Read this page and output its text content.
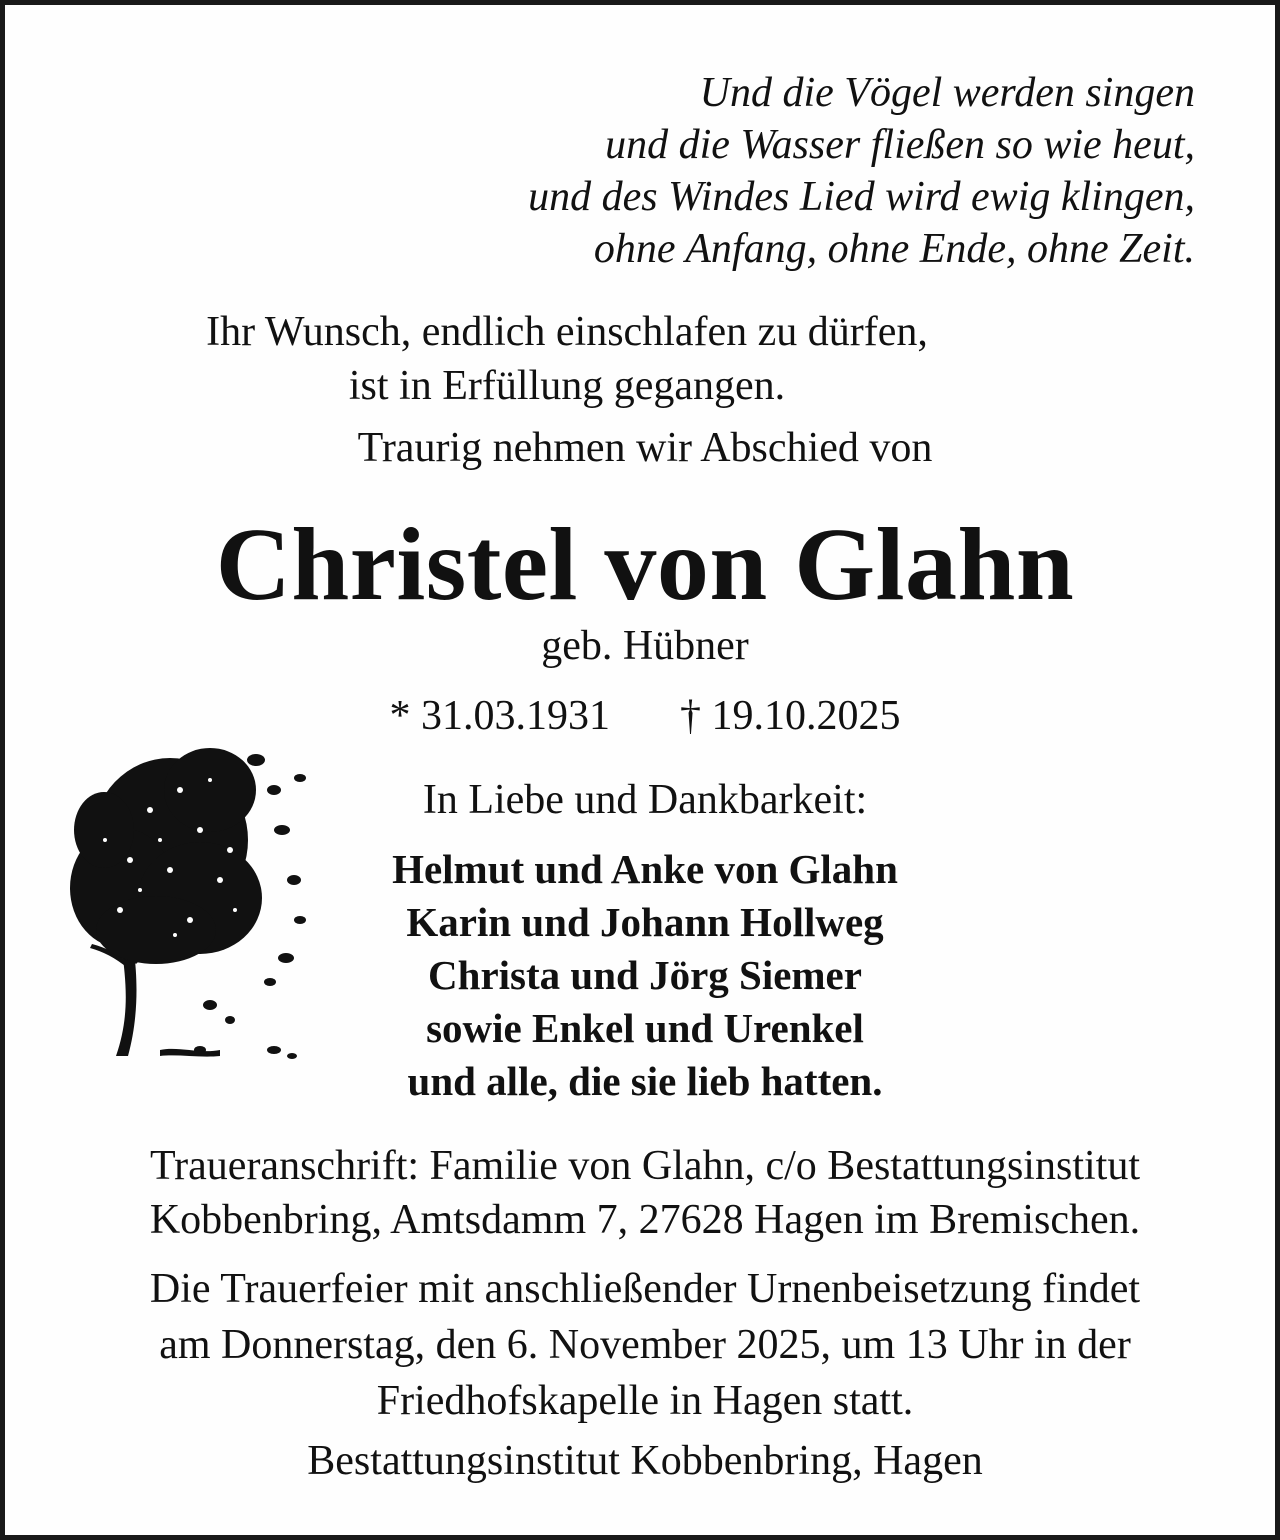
Und die Vögel werden singen
und die Wasser fließen so wie heut,
und des Windes Lied wird ewig klingen,
ohne Anfang, ohne Ende, ohne Zeit.
Ihr Wunsch, endlich einschlafen zu dürfen,
ist in Erfüllung gegangen.
Traurig nehmen wir Abschied von
Christel von Glahn
geb. Hübner
* 31.03.1931 † 19.10.2025
In Liebe und Dankbarkeit:
Helmut und Anke von Glahn
Karin und Johann Hollweg
Christa und Jörg Siemer
sowie Enkel und Urenkel
und alle, die sie lieb hatten.
Traueranschrift: Familie von Glahn, c/o Bestattungsinstitut
Kobbenbring, Amtsdamm 7, 27628 Hagen im Bremischen.
Die Trauerfeier mit anschließender Urnenbeisetzung findet
am Donnerstag, den 6. November 2025, um 13 Uhr in der
Friedhofskapelle in Hagen statt.
Bestattungsinstitut Kobbenbring, Hagen
